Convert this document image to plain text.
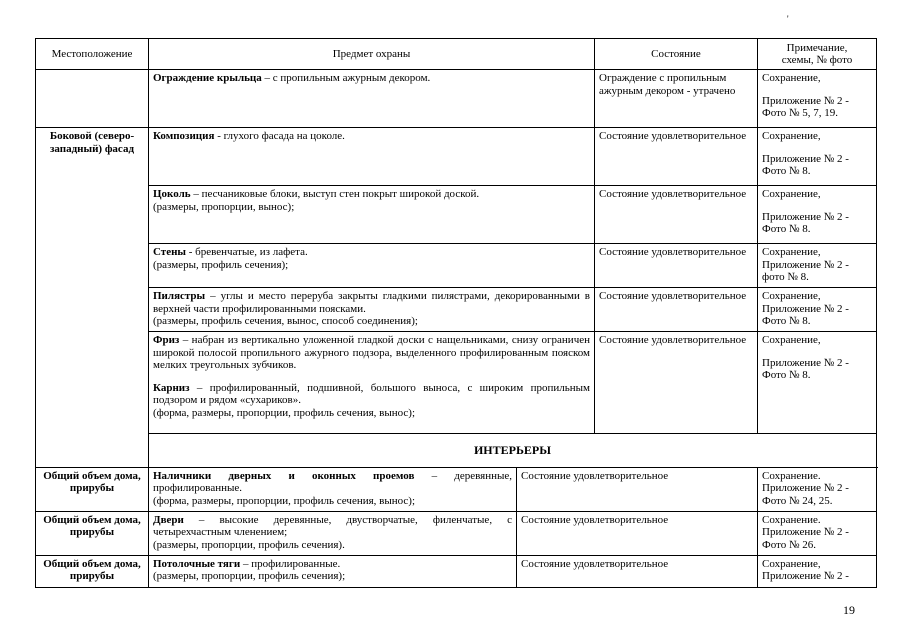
'
Местоположение	Предмет охраны	Состояние	Примечание,
схемы, № фото
	Ограждение крыльца – с пропильным ажурным декором.	Ограждение с пропильным ажурным декором - утрачено	Сохранение,
Приложение № 2 - Фото № 5, 7, 19.
Боковой (северо-западный) фасад	Композиция - глухого фасада на цоколе.	Состояние удовлетворительное	Сохранение,
Приложение № 2 - Фото № 8.
	Цоколь – песчаниковые блоки, выступ стен покрыт широкой доской.
(размеры, пропорции, вынос);	Состояние удовлетворительное	Сохранение,
Приложение № 2 - Фото № 8.
	Стены - бревенчатые, из лафета.
(размеры, профиль сечения);	Состояние удовлетворительное	Сохранение,
Приложение № 2 - фото № 8.
	Пилястры – углы и место переруба закрыты гладкими пилястрами, декорированными в верхней части профилированными поясками.
(размеры, профиль сечения, вынос, способ соединения);	Состояние удовлетворительное	Сохранение,
Приложение № 2 - Фото № 8.
	Фриз – набран из вертикально уложенной гладкой доски с нащельниками, снизу ограничен широкой полосой пропильного ажурного подзора, выделенного профилированным пояском мелких треугольных зубчиков.
Карниз – профилированный, подшивной, большого выноса, с широким пропильным подзором и рядом «сухариков».
(форма, размеры, пропорции, профиль сечения, вынос);	Состояние удовлетворительное	Сохранение,
Приложение № 2 - Фото № 8.
	ИНТЕРЬЕРЫ		
Общий объем дома, прирубы	Наличники дверных и оконных проемов – деревянные, профилированные.
(форма, размеры, пропорции, профиль сечения, вынос);	Состояние удовлетворительное	Сохранение.
Приложение № 2 - Фото № 24, 25.
Общий объем дома, прирубы	Двери – высокие деревянные, двустворчатые, филенчатые, с четырехчастным членением;
(размеры, пропорции, профиль сечения).	Состояние удовлетворительное	Сохранение.
Приложение № 2 - Фото № 26.
Общий объем дома, прирубы	Потолочные тяги – профилированные.
(размеры, пропорции, профиль сечения);	Состояние удовлетворительное	Сохранение,
Приложение № 2 -
19
